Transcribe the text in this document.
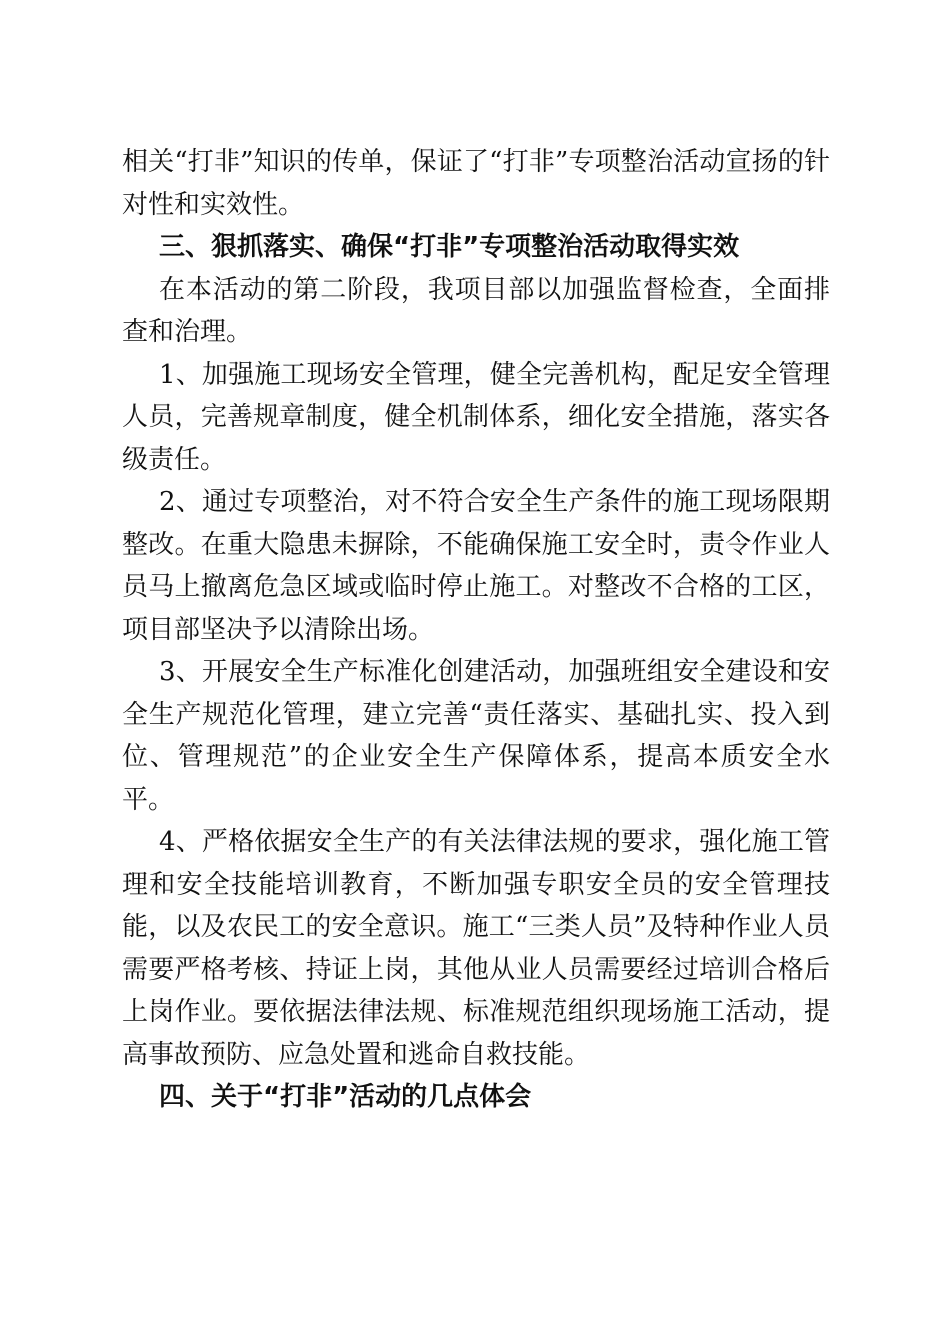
相关“打非”知识的传单，保证了“打非”专项整治活动宣扬的针对性和实效性。

三、狠抓落实、确保“打非”专项整治活动取得实效

在本活动的第二阶段，我项目部以加强监督检查，全面排查和治理。

1、加强施工现场安全管理，健全完善机构，配足安全管理人员，完善规章制度，健全机制体系，细化安全措施，落实各级责任。

2、通过专项整治，对不符合安全生产条件的施工现场限期整改。在重大隐患未摒除，不能确保施工安全时，责令作业人员马上撤离危急区域或临时停止施工。对整改不合格的工区，项目部坚决予以清除出场。

3、开展安全生产标准化创建活动，加强班组安全建设和安全生产规范化管理，建立完善“责任落实、基础扎实、投入到位、管理规范”的企业安全生产保障体系，提高本质安全水平。

4、严格依据安全生产的有关法律法规的要求，强化施工管理和安全技能培训教育，不断加强专职安全员的安全管理技能，以及农民工的安全意识。施工“三类人员”及特种作业人员需要严格考核、持证上岗，其他从业人员需要经过培训合格后上岗作业。要依据法律法规、标准规范组织现场施工活动，提高事故预防、应急处置和逃命自救技能。

四、关于“打非”活动的几点体会
